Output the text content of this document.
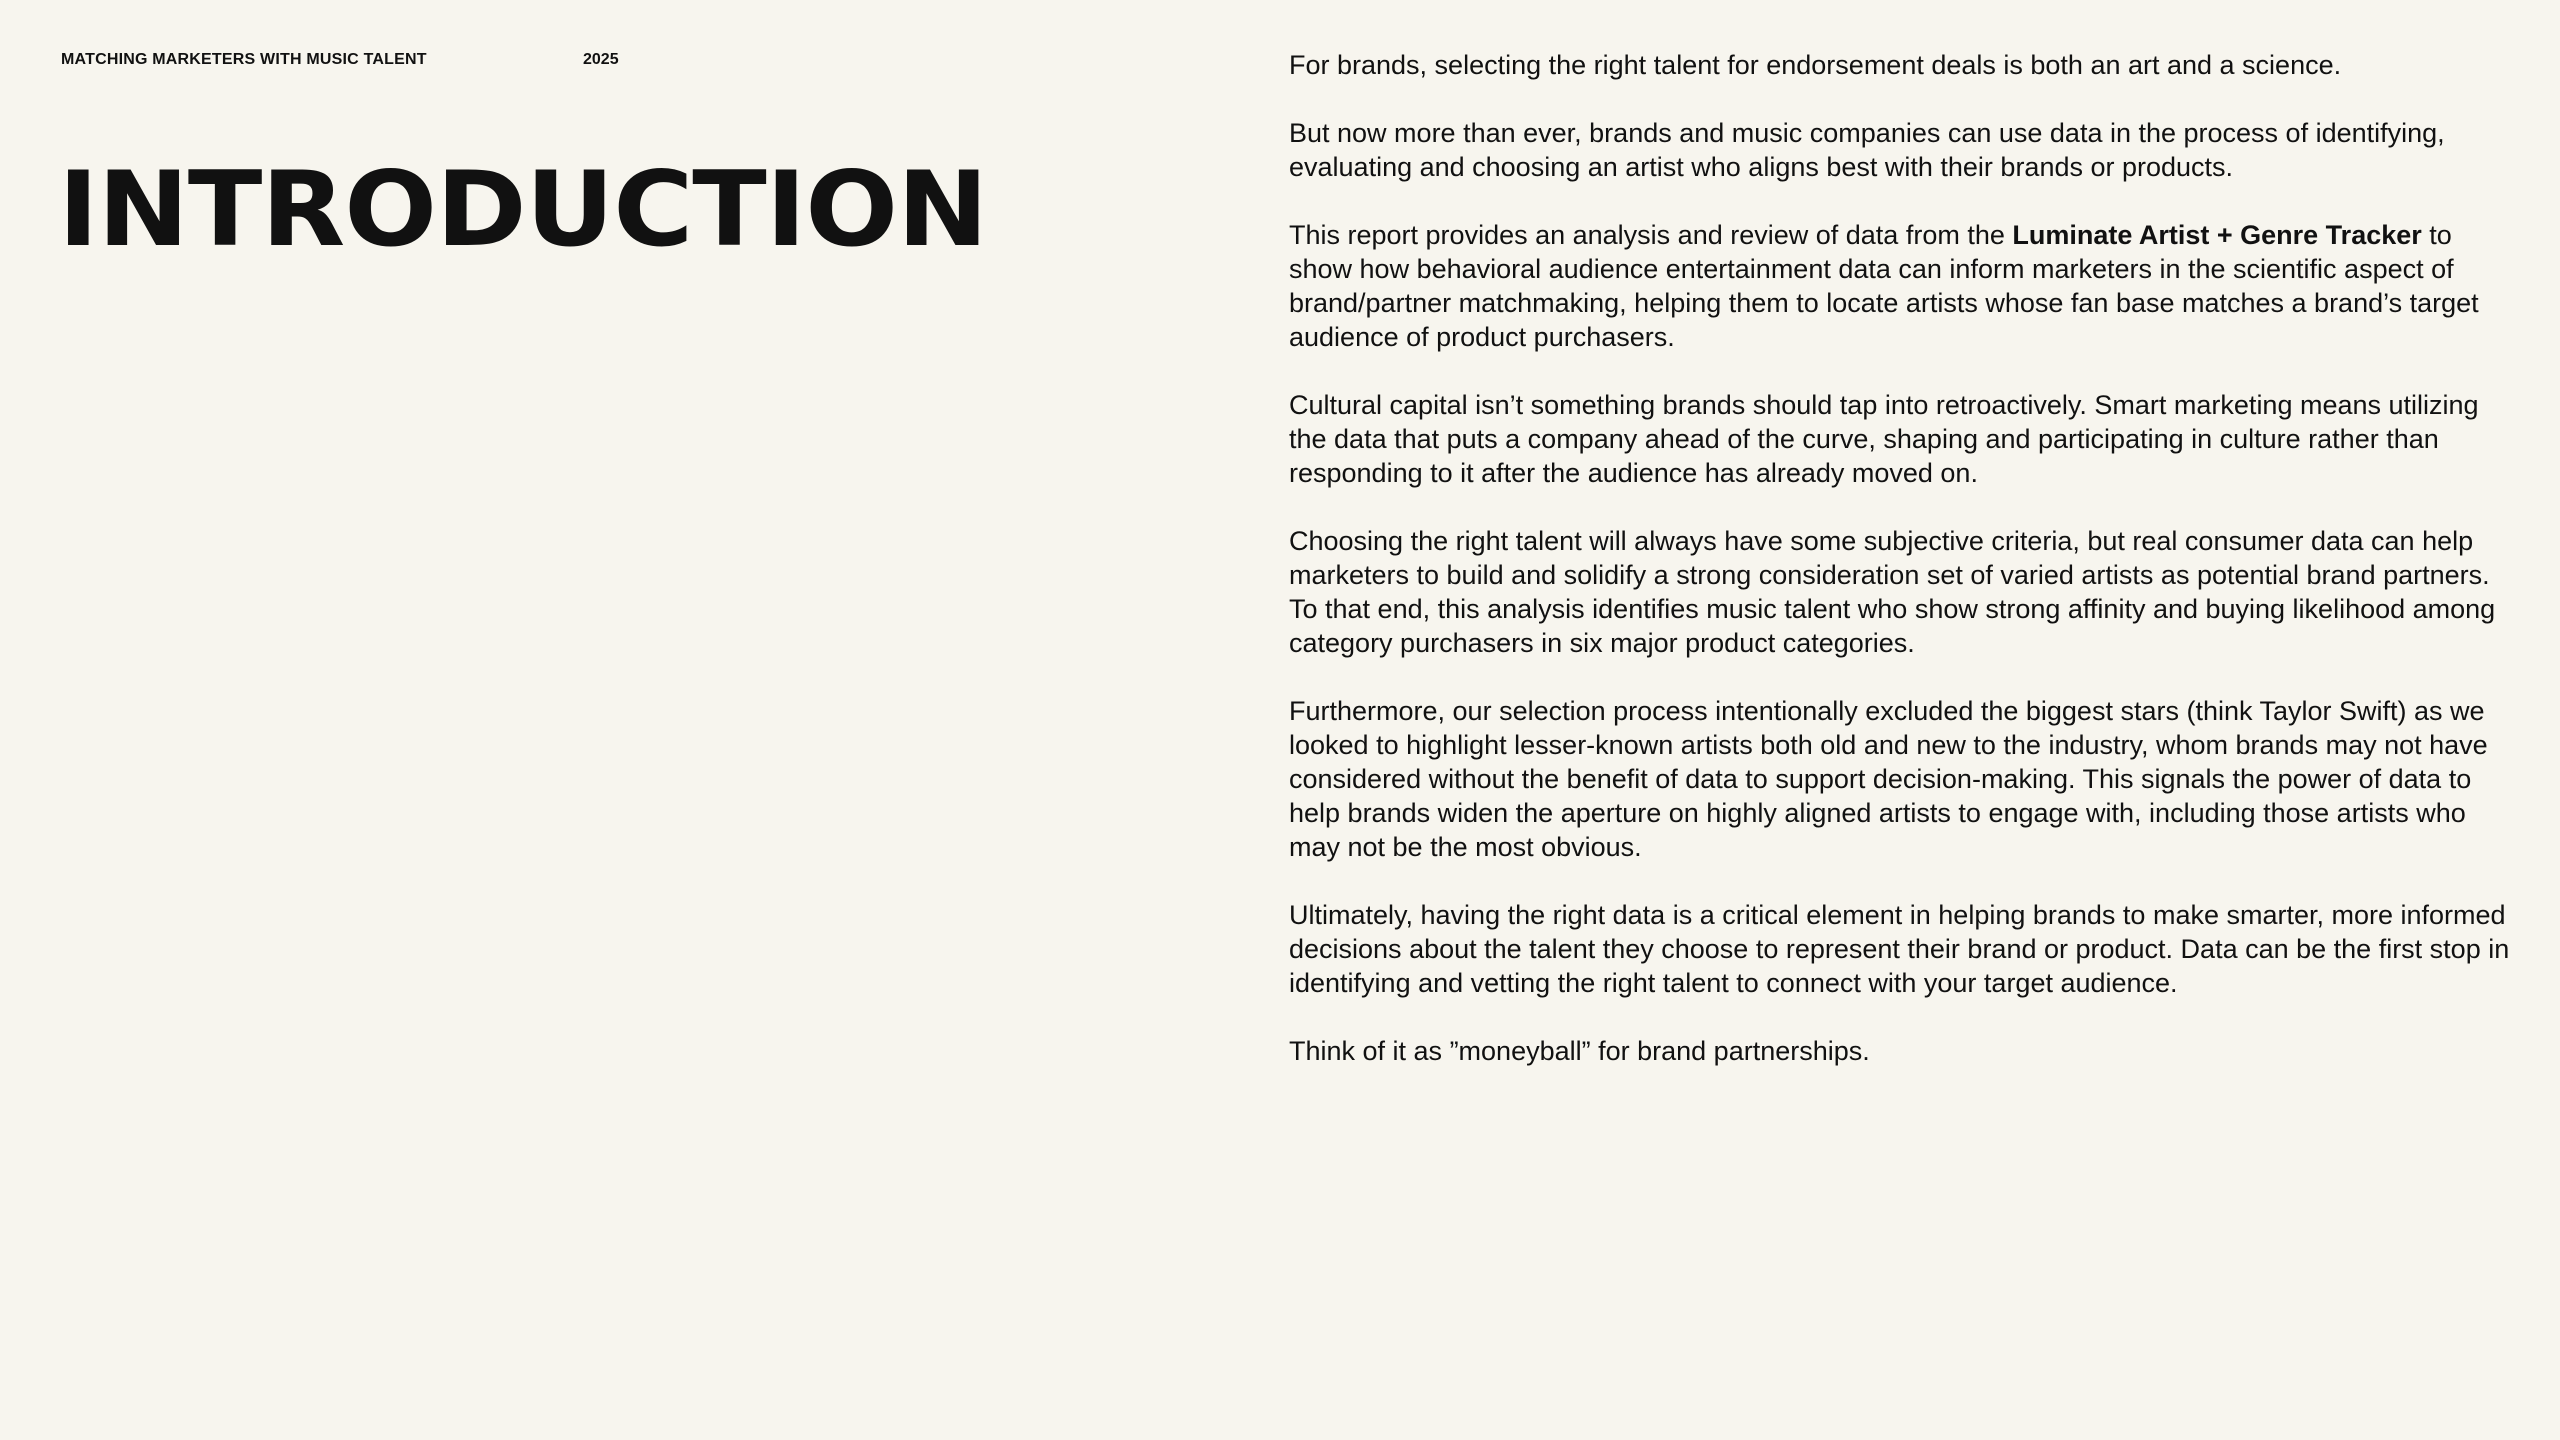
MATCHING MARKETERS WITH MUSIC TALENT	2025
INTRODUCTION

For brands, selecting the right talent for endorsement deals is both an art and a science.

But now more than ever, brands and music companies can use data in the process of identifying, evaluating and choosing an artist who aligns best with their brands or products.

This report provides an analysis and review of data from the Luminate Artist + Genre Tracker to show how behavioral audience entertainment data can inform marketers in the scientific aspect of brand/partner matchmaking, helping them to locate artists whose fan base matches a brand’s target audience of product purchasers.

Cultural capital isn’t something brands should tap into retroactively. Smart marketing means utilizing the data that puts a company ahead of the curve, shaping and participating in culture rather than responding to it after the audience has already moved on.

Choosing the right talent will always have some subjective criteria, but real consumer data can help marketers to build and solidify a strong consideration set of varied artists as potential brand partners. To that end, this analysis identifies music talent who show strong affinity and buying likelihood among category purchasers in six major product categories.

Furthermore, our selection process intentionally excluded the biggest stars (think Taylor Swift) as we looked to highlight lesser-known artists both old and new to the industry, whom brands may not have considered without the benefit of data to support decision-making. This signals the power of data to help brands widen the aperture on highly aligned artists to engage with, including those artists who may not be the most obvious.

Ultimately, having the right data is a critical element in helping brands to make smarter, more informed decisions about the talent they choose to represent their brand or product. Data can be the first stop in identifying and vetting the right talent to connect with your target audience.

Think of it as ”moneyball” for brand partnerships.
